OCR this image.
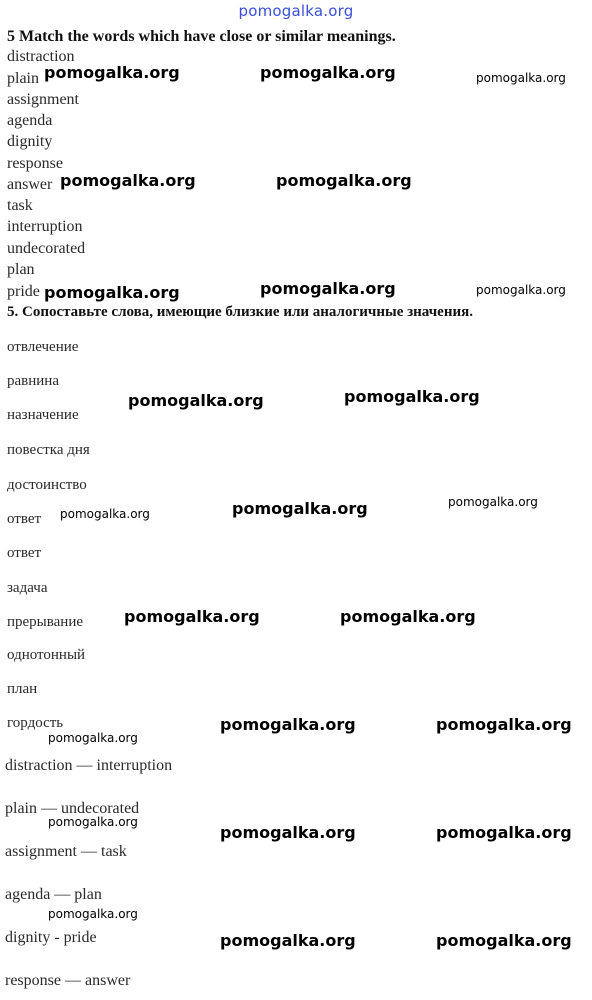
pomogalka.org
5 Match the words which have close or similar meanings.
distraction
plain
assignment
agenda
dignity
response
answer
task
interruption
undecorated
plan
pride
5. Сопоставьте слова, имеющие близкие или аналогичные значения.
отвлечение
равнина
назначение
повестка дня
достоинство
ответ
ответ
задача
прерывание
однотонный
план
гордость
distraction — interruption
plain — undecorated
assignment — task
agenda — plan
dignity - pride
response — answer
pomogalka.org	pomogalka.org	pomogalka.org
pomogalka.org	pomogalka.org
pomogalka.org	pomogalka.org	pomogalka.org
pomogalka.org	pomogalka.org
pomogalka.org	pomogalka.org	pomogalka.org
pomogalka.org	pomogalka.org
pomogalka.org	pomogalka.org
pomogalka.org
pomogalka.org
pomogalka.org	pomogalka.org
pomogalka.org
pomogalka.org	pomogalka.org
